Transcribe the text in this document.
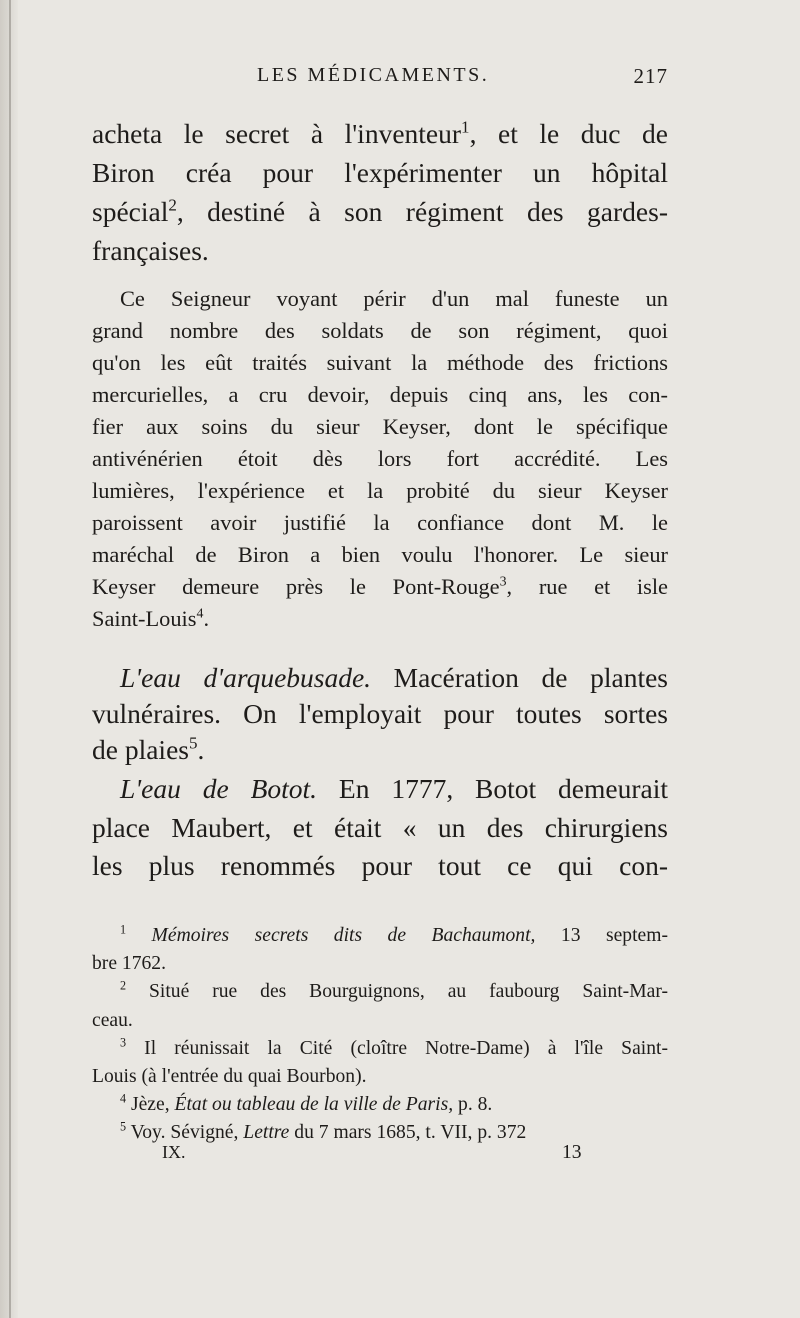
LES MÉDICAMENTS.	217
acheta le secret à l'inventeur$^1$, et le duc de
Biron créa pour l'expérimenter un hôpital
spécial$^2$, destiné à son régiment des gardes-
françaises.
Ce Seigneur voyant périr d'un mal funeste un
grand nombre des soldats de son régiment, quoi
qu'on les eût traités suivant la méthode des frictions
mercurielles, a cru devoir, depuis cinq ans, les con-
fier aux soins du sieur Keyser, dont le spécifique
antivénérien étoit dès lors fort accrédité. Les
lumières, l'expérience et la probité du sieur Keyser
paroissent avoir justifié la confiance dont M. le
maréchal de Biron a bien voulu l'honorer. Le sieur
Keyser demeure près le Pont-Rouge$^3$, rue et isle
Saint-Louis$^4$.
L'eau d'arquebusade. Macération de plantes
vulnéraires. On l'employait pour toutes sortes
de plaies$^5$.
L'eau de Botot. En 1777, Botot demeurait
place Maubert, et était « un des chirurgiens
les plus renommés pour tout ce qui con-
$^1$ Mémoires secrets dits de Bachaumont, 13 septem-
bre 1762.
$^2$ Situé rue des Bourguignons, au faubourg Saint-Mar-
ceau.
$^3$ Il réunissait la Cité (cloître Notre-Dame) à l'île Saint-
Louis (à l'entrée du quai Bourbon).
$^4$ Jèze, État ou tableau de la ville de Paris, p. 8.
$^5$ Voy. Sévigné, Lettre du 7 mars 1685, t. VII, p. 372
IX.	13
